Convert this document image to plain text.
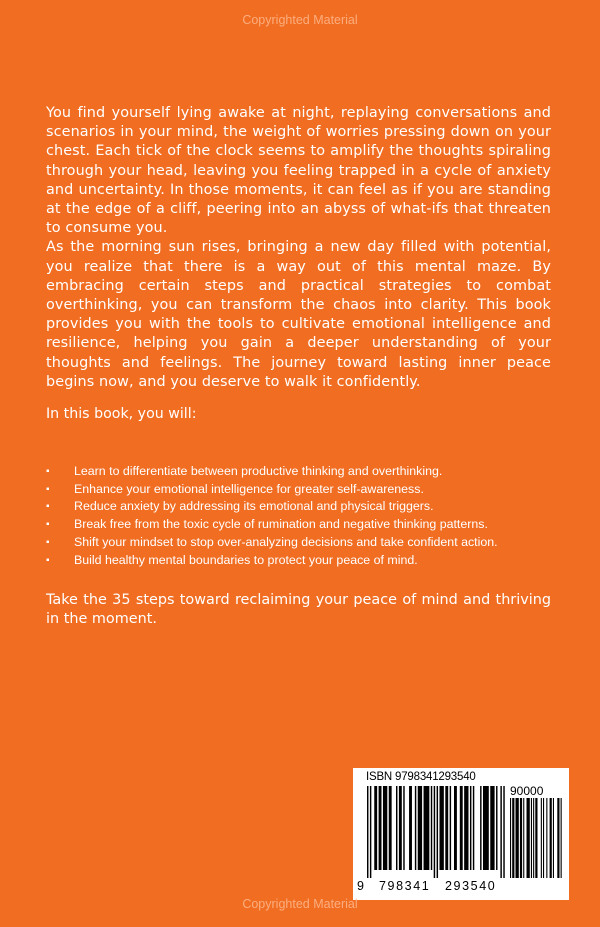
Copyrighted Material

You find yourself lying awake at night, replaying conversations and scenarios in your mind, the weight of worries pressing down on your chest. Each tick of the clock seems to amplify the thoughts spiraling through your head, leaving you feeling trapped in a cycle of anxiety and uncertainty. In those moments, it can feel as if you are standing at the edge of a cliff, peering into an abyss of what-ifs that threaten to consume you.

As the morning sun rises, bringing a new day filled with potential, you realize that there is a way out of this mental maze. By embracing certain steps and practical strategies to combat overthinking, you can transform the chaos into clarity. This book provides you with the tools to cultivate emotional intelligence and resilience, helping you gain a deeper understanding of your thoughts and feelings. The journey toward lasting inner peace begins now, and you deserve to walk it confidently.

In this book, you will:
▪ Learn to differentiate between productive thinking and overthinking.
▪ Enhance your emotional intelligence for greater self-awareness.
▪ Reduce anxiety by addressing its emotional and physical triggers.
▪ Break free from the toxic cycle of rumination and negative thinking patterns.
▪ Shift your mindset to stop over-analyzing decisions and take confident action.
▪ Build healthy mental boundaries to protect your peace of mind.
Take the 35 steps toward reclaiming your peace of mind and thriving in the moment.
ISBN 9798341293540
90000
9 798341 293540
Copyrighted Material
